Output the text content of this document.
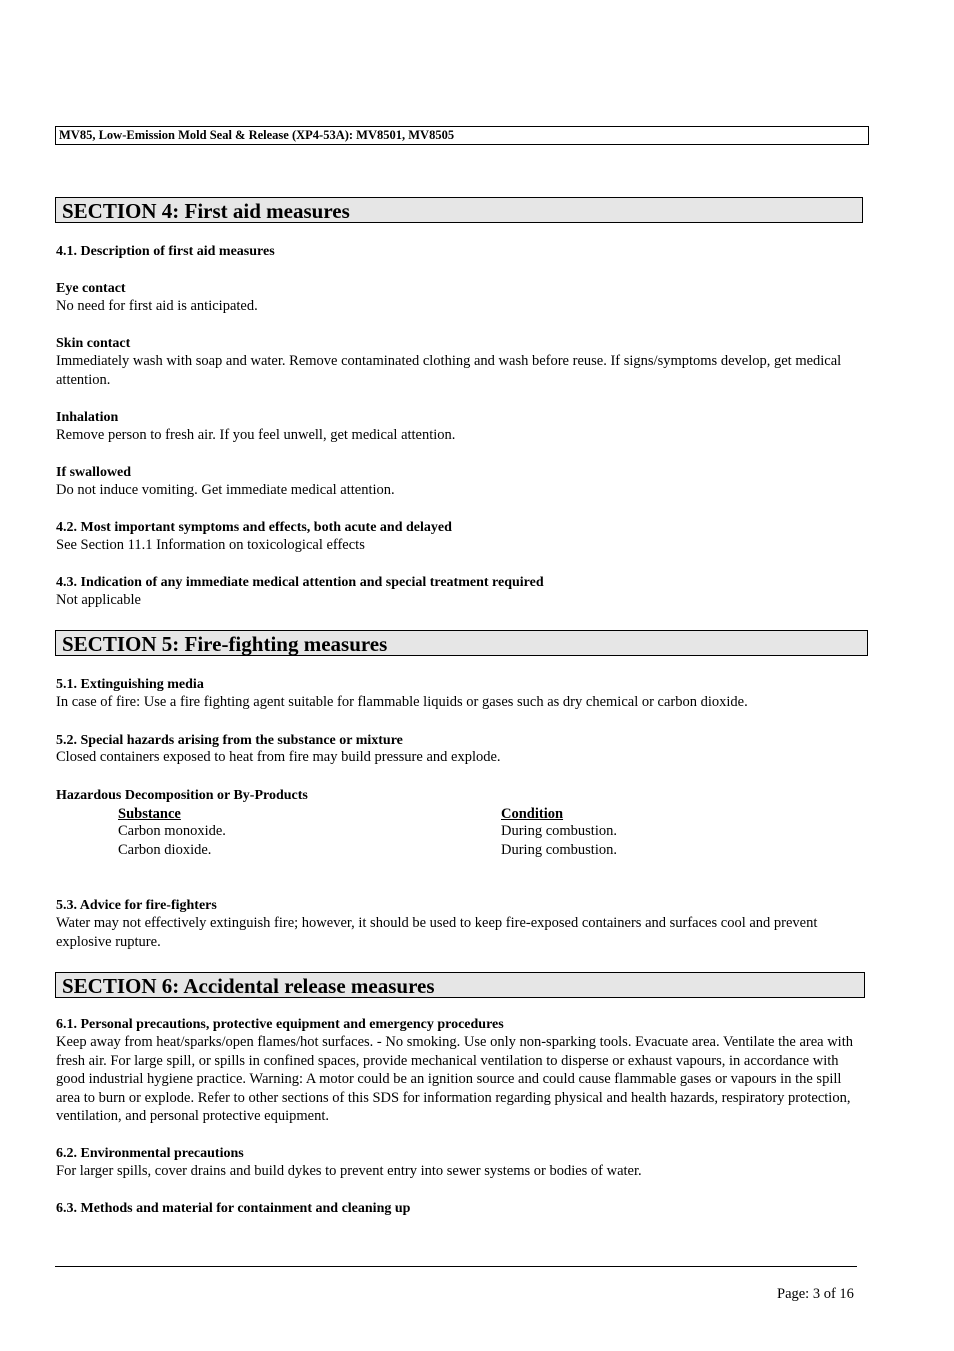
MV85, Low-Emission Mold Seal & Release (XP4-53A): MV8501, MV8505
SECTION 4: First aid measures
4.1. Description of first aid measures
Eye contact
No need for first aid is anticipated.
Skin contact
Immediately wash with soap and water. Remove contaminated clothing and wash before reuse. If signs/symptoms develop, get medical attention.
Inhalation
Remove person to fresh air. If you feel unwell, get medical attention.
If swallowed
Do not induce vomiting. Get immediate medical attention.
4.2. Most important symptoms and effects, both acute and delayed
See Section 11.1 Information on toxicological effects
4.3. Indication of any immediate medical attention and special treatment required
Not applicable
SECTION 5: Fire-fighting measures
5.1. Extinguishing media
In case of fire: Use a fire fighting agent suitable for flammable liquids or gases such as dry chemical or carbon dioxide.
5.2. Special hazards arising from the substance or mixture
Closed containers exposed to heat from fire may build pressure and explode.
Hazardous Decomposition or By-Products
Substance	Condition
Carbon monoxide.	During combustion.
Carbon dioxide.	During combustion.
5.3. Advice for fire-fighters
Water may not effectively extinguish fire; however, it should be used to keep fire-exposed containers and surfaces cool and prevent explosive rupture.
SECTION 6: Accidental release measures
6.1. Personal precautions, protective equipment and emergency procedures
Keep away from heat/sparks/open flames/hot surfaces. - No smoking. Use only non-sparking tools. Evacuate area. Ventilate the area with fresh air. For large spill, or spills in confined spaces, provide mechanical ventilation to disperse or exhaust vapours, in accordance with good industrial hygiene practice. Warning: A motor could be an ignition source and could cause flammable gases or vapours in the spill area to burn or explode. Refer to other sections of this SDS for information regarding physical and health hazards, respiratory protection, ventilation, and personal protective equipment.
6.2. Environmental precautions
For larger spills, cover drains and build dykes to prevent entry into sewer systems or bodies of water.
6.3. Methods and material for containment and cleaning up
Page: 3 of 16
